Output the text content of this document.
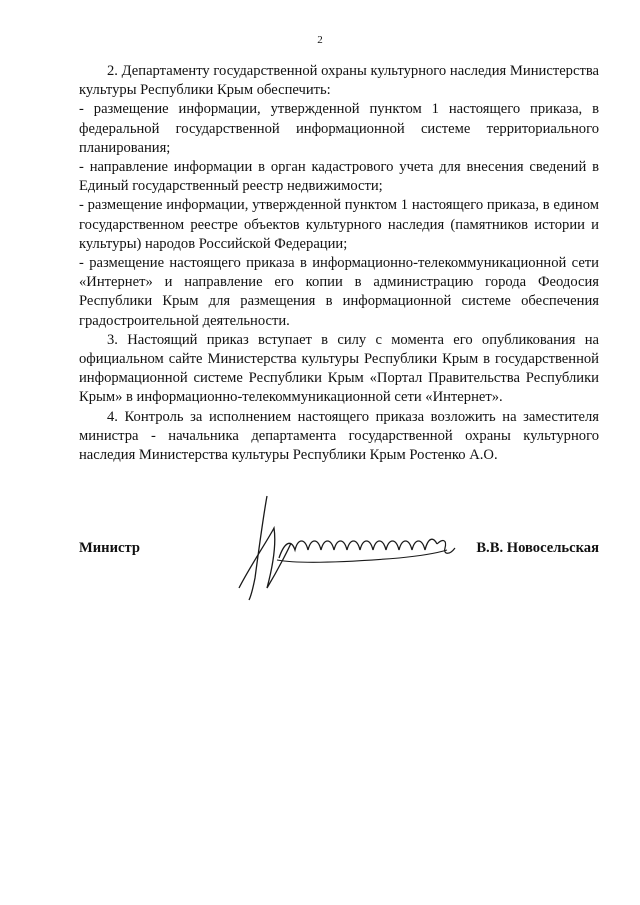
2

2. Департаменту государственной охраны культурного наследия Министерства культуры Республики Крым обеспечить:

- размещение информации, утвержденной пунктом 1 настоящего приказа, в федеральной государственной информационной системе территориального планирования;

- направление информации в орган кадастрового учета для внесения сведений в Единый государственный реестр недвижимости;

- размещение информации, утвержденной пунктом 1 настоящего приказа, в едином государственном реестре объектов культурного наследия (памятников истории и культуры) народов Российской Федерации;

- размещение настоящего приказа в информационно-телекоммуникационной сети «Интернет» и направление его копии в администрацию города Феодосия Республики Крым для размещения в информационной системе обеспечения градостроительной деятельности.

3. Настоящий приказ вступает в силу с момента его опубликования на официальном сайте Министерства культуры Республики Крым в государственной информационной системе Республики Крым «Портал Правительства Республики Крым» в информационно-телекоммуникационной сети «Интернет».

4. Контроль за исполнением настоящего приказа возложить на заместителя министра - начальника департамента государственной охраны культурного наследия Министерства культуры Республики Крым Ростенко А.О.

Министр	В.В. Новосельская
